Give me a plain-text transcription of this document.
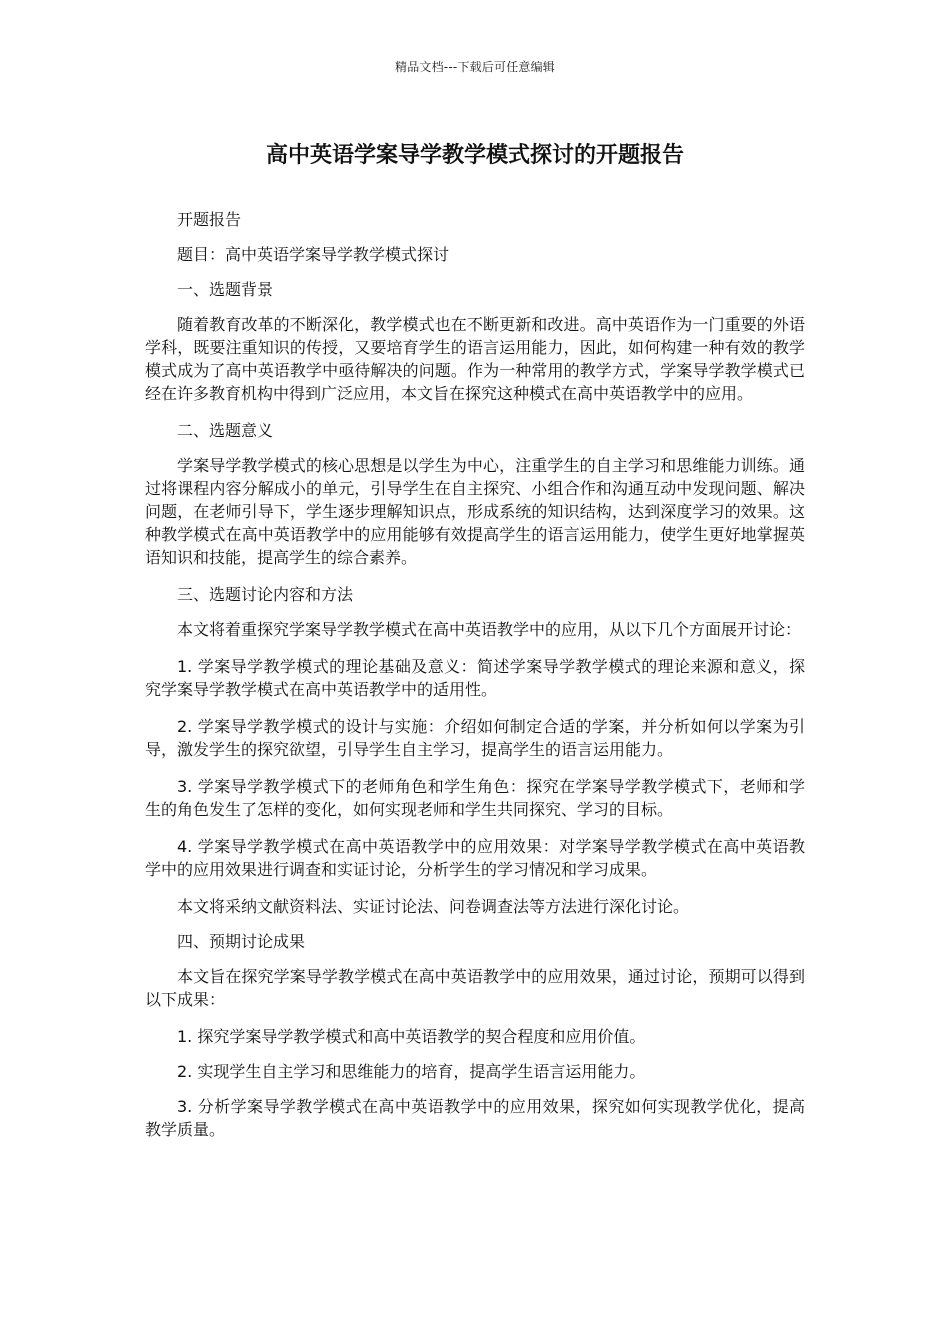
精品文档---下载后可任意编辑
高中英语学案导学教学模式探讨的开题报告

开题报告

题目：高中英语学案导学教学模式探讨

一、选题背景

随着教育改革的不断深化，教学模式也在不断更新和改进。高中英语作为一门重要的外语学科，既要注重知识的传授，又要培育学生的语言运用能力，因此，如何构建一种有效的教学模式成为了高中英语教学中亟待解决的问题。作为一种常用的教学方式，学案导学教学模式已经在许多教育机构中得到广泛应用，本文旨在探究这种模式在高中英语教学中的应用。

二、选题意义

学案导学教学模式的核心思想是以学生为中心，注重学生的自主学习和思维能力训练。通过将课程内容分解成小的单元，引导学生在自主探究、小组合作和沟通互动中发现问题、解决问题，在老师引导下，学生逐步理解知识点，形成系统的知识结构，达到深度学习的效果。这种教学模式在高中英语教学中的应用能够有效提高学生的语言运用能力，使学生更好地掌握英语知识和技能，提高学生的综合素养。

三、选题讨论内容和方法

本文将着重探究学案导学教学模式在高中英语教学中的应用，从以下几个方面展开讨论：

1. 学案导学教学模式的理论基础及意义：简述学案导学教学模式的理论来源和意义，探究学案导学教学模式在高中英语教学中的适用性。

2. 学案导学教学模式的设计与实施：介绍如何制定合适的学案，并分析如何以学案为引导，激发学生的探究欲望，引导学生自主学习，提高学生的语言运用能力。

3. 学案导学教学模式下的老师角色和学生角色：探究在学案导学教学模式下，老师和学生的角色发生了怎样的变化，如何实现老师和学生共同探究、学习的目标。

4. 学案导学教学模式在高中英语教学中的应用效果：对学案导学教学模式在高中英语教学中的应用效果进行调查和实证讨论，分析学生的学习情况和学习成果。

本文将采纳文献资料法、实证讨论法、问卷调查法等方法进行深化讨论。

四、预期讨论成果

本文旨在探究学案导学教学模式在高中英语教学中的应用效果，通过讨论，预期可以得到以下成果：

1. 探究学案导学教学模式和高中英语教学的契合程度和应用价值。

2. 实现学生自主学习和思维能力的培育，提高学生语言运用能力。

3. 分析学案导学教学模式在高中英语教学中的应用效果，探究如何实现教学优化，提高教学质量。
